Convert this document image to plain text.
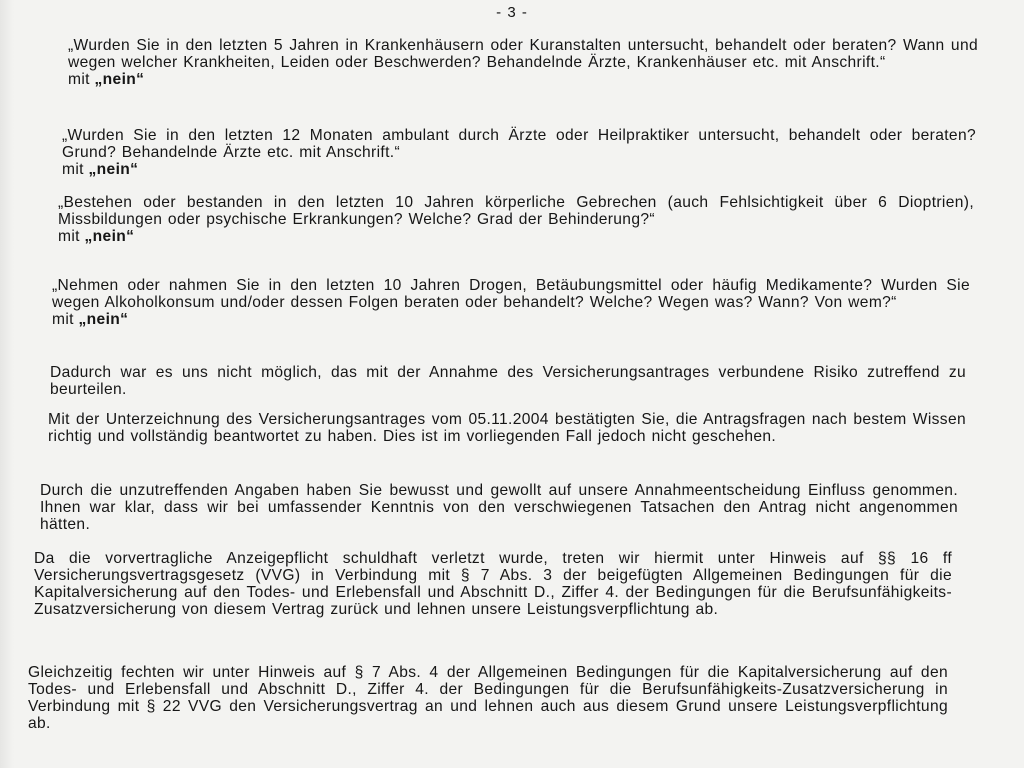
- 3 -

„Wurden Sie in den letzten 5 Jahren in Krankenhäusern oder Kuranstalten untersucht, behandelt oder beraten? Wann und wegen welcher Krankheiten, Leiden oder Beschwerden? Behandelnde Ärzte, Krankenhäuser etc. mit Anschrift.“

mit „nein“

„Wurden Sie in den letzten 12 Monaten ambulant durch Ärzte oder Heilpraktiker untersucht, behandelt oder beraten? Grund? Behandelnde Ärzte etc. mit Anschrift.“

mit „nein“

„Bestehen oder bestanden in den letzten 10 Jahren körperliche Gebrechen (auch Fehlsichtigkeit über 6 Dioptrien), Missbildungen oder psychische Erkrankungen? Welche? Grad der Behinderung?“

mit „nein“

„Nehmen oder nahmen Sie in den letzten 10 Jahren Drogen, Betäubungsmittel oder häufig Medikamente? Wurden Sie wegen Alkoholkonsum und/oder dessen Folgen beraten oder behandelt? Welche? Wegen was? Wann? Von wem?“

mit „nein“

Dadurch war es uns nicht möglich, das mit der Annahme des Versicherungsantrages verbundene Risiko zutreffend zu beurteilen.

Mit der Unterzeichnung des Versicherungsantrages vom 05.11.2004 bestätigten Sie, die Antragsfragen nach bestem Wissen richtig und vollständig beantwortet zu haben. Dies ist im vorliegenden Fall jedoch nicht geschehen.

Durch die unzutreffenden Angaben haben Sie bewusst und gewollt auf unsere Annahmeentscheidung Einfluss genommen. Ihnen war klar, dass wir bei umfassender Kenntnis von den verschwiegenen Tatsachen den Antrag nicht angenommen hätten.

Da die vorvertragliche Anzeigepflicht schuldhaft verletzt wurde, treten wir hiermit unter Hinweis auf §§ 16 ff Versicherungsvertragsgesetz (VVG) in Verbindung mit § 7 Abs. 3 der beigefügten Allgemeinen Bedingungen für die Kapitalversicherung auf den Todes- und Erlebensfall und Abschnitt D., Ziffer 4. der Bedingungen für die Berufsunfähigkeits-Zusatzversicherung von diesem Vertrag zurück und lehnen unsere Leistungsverpflichtung ab.

Gleichzeitig fechten wir unter Hinweis auf § 7 Abs. 4 der Allgemeinen Bedingungen für die Kapitalversicherung auf den Todes- und Erlebensfall und Abschnitt D., Ziffer 4. der Bedingungen für die Berufsunfähigkeits-Zusatzversicherung in Verbindung mit § 22 VVG den Versicherungsvertrag an und lehnen auch aus diesem Grund unsere Leistungsverpflichtung ab.
